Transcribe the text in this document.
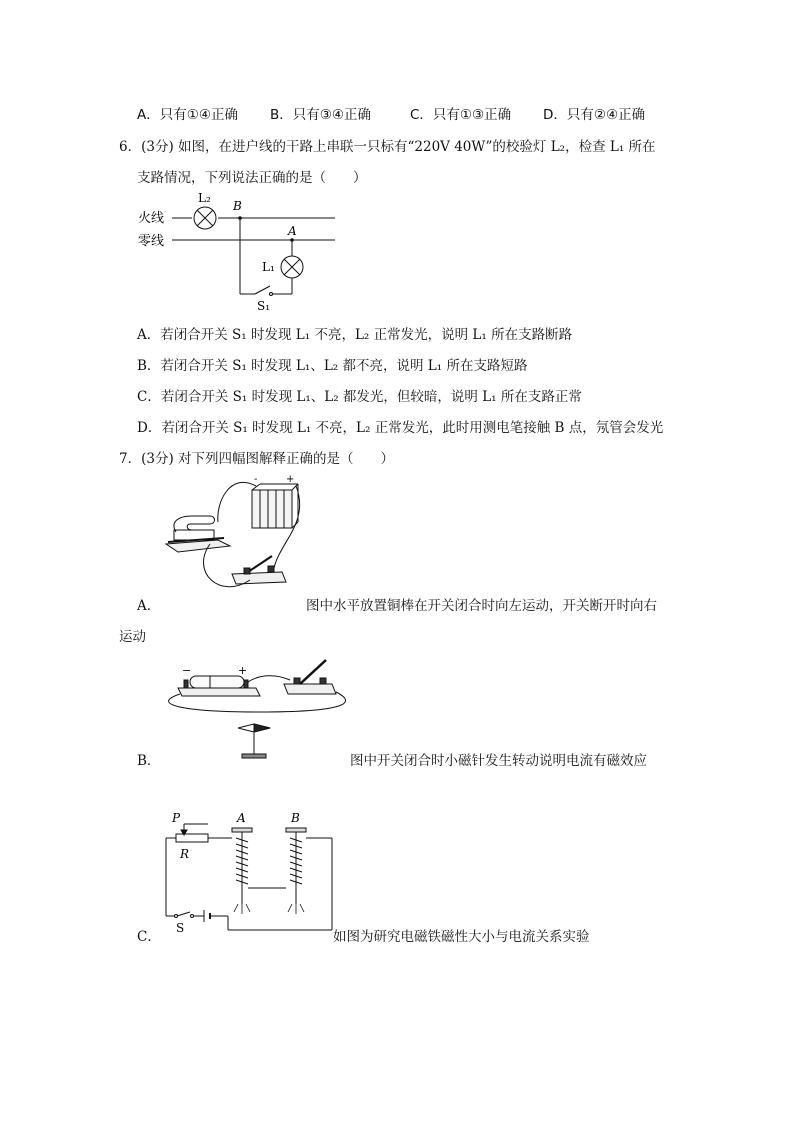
A．只有①④正确 B．只有③④正确	C．只有①③正确 D．只有②④正确
6．(3分) 如图，在进户线的干路上串联一只标有“220V 40W”的校验灯 L₂，检查 L₁ 所在
支路情况，下列说法正确的是（　　）
火线
零线
L₂
B
A
L₁
S₁
A．若闭合开关 S₁ 时发现 L₁ 不亮，L₂ 正常发光，说明 L₁ 所在支路断路
B．若闭合开关 S₁ 时发现 L₁、L₂ 都不亮，说明 L₁ 所在支路短路
C．若闭合开关 S₁ 时发现 L₁、L₂ 都发光，但较暗，说明 L₁ 所在支路正常
D．若闭合开关 S₁ 时发现 L₁ 不亮，L₂ 正常发光，此时用测电笔接触 B 点，氖管会发光
7．(3分) 对下列四幅图解释正确的是（　　）
-	+
A．	图中水平放置铜棒在开关闭合时向左运动，开关断开时向右
运动
−	+
B．	图中开关闭合时小磁针发生转动说明电流有磁效应
P
R
A	B
S
C．	如图为研究电磁铁磁性大小与电流关系实验
